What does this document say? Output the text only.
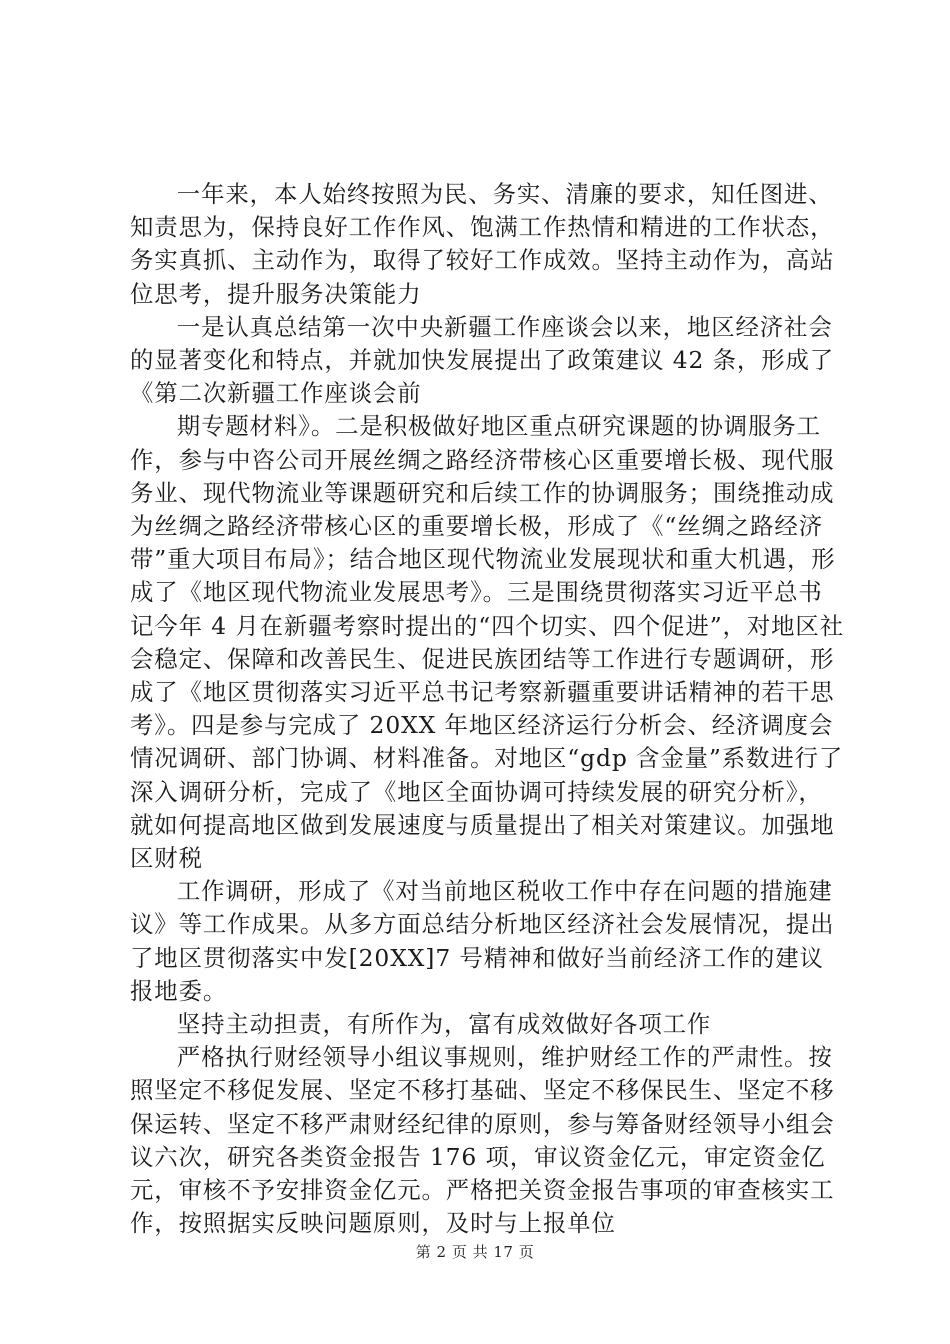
一年来，本人始终按照为民、务实、清廉的要求，知任图进、知责思为，保持良好工作作风、饱满工作热情和精进的工作状态，务实真抓、主动作为，取得了较好工作成效。坚持主动作为，高站位思考，提升服务决策能力

一是认真总结第一次中央新疆工作座谈会以来，地区经济社会的显著变化和特点，并就加快发展提出了政策建议 42 条，形成了《第二次新疆工作座谈会前

期专题材料》。二是积极做好地区重点研究课题的协调服务工作，参与中咨公司开展丝绸之路经济带核心区重要增长极、现代服务业、现代物流业等课题研究和后续工作的协调服务；围绕推动成为丝绸之路经济带核心区的重要增长极，形成了《“丝绸之路经济带”重大项目布局》；结合地区现代物流业发展现状和重大机遇，形成了《地区现代物流业发展思考》。三是围绕贯彻落实习近平总书记今年 4 月在新疆考察时提出的“四个切实、四个促进”，对地区社会稳定、保障和改善民生、促进民族团结等工作进行专题调研，形成了《地区贯彻落实习近平总书记考察新疆重要讲话精神的若干思考》。四是参与完成了 20XX 年地区经济运行分析会、经济调度会情况调研、部门协调、材料准备。对地区“gdp 含金量”系数进行了深入调研分析，完成了《地区全面协调可持续发展的研究分析》，就如何提高地区做到发展速度与质量提出了相关对策建议。加强地区财税

工作调研，形成了《对当前地区税收工作中存在问题的措施建议》等工作成果。从多方面总结分析地区经济社会发展情况，提出了地区贯彻落实中发[20XX]7 号精神和做好当前经济工作的建议报地委。

坚持主动担责，有所作为，富有成效做好各项工作

严格执行财经领导小组议事规则，维护财经工作的严肃性。按照坚定不移促发展、坚定不移打基础、坚定不移保民生、坚定不移保运转、坚定不移严肃财经纪律的原则，参与筹备财经领导小组会议六次，研究各类资金报告 176 项，审议资金亿元，审定资金亿元，审核不予安排资金亿元。严格把关资金报告事项的审查核实工作，按照据实反映问题原则，及时与上报单位

第 2 页 共 17 页
